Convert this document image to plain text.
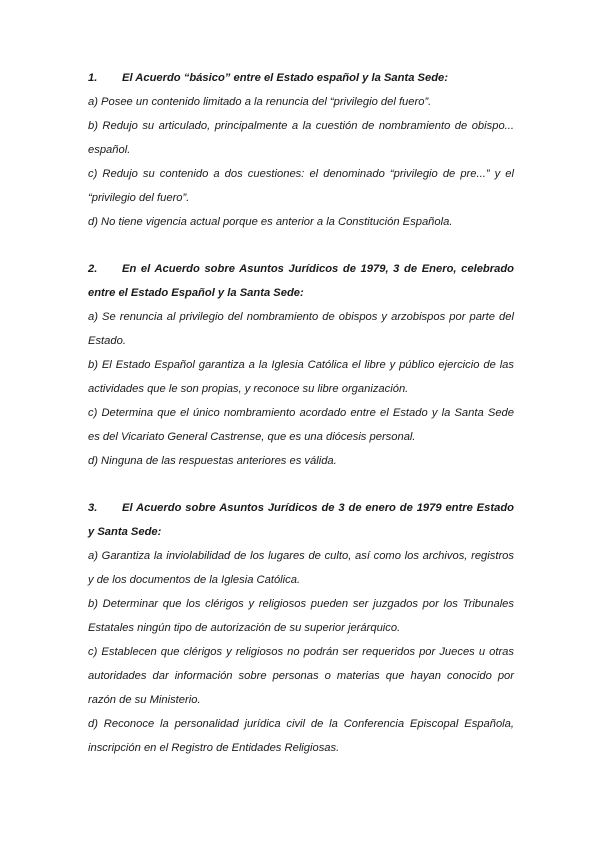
1. El Acuerdo “básico” entre el Estado español y la Santa Sede:
a) Posee un contenido limitado a la renuncia del “privilegio del fuero”.
b) Redujo su articulado, principalmente a la cuestión de nombramiento de obispo... español.
c) Redujo su contenido a dos cuestiones: el denominado “privilegio de pre...” y el “privilegio del fuero”.
d) No tiene vigencia actual porque es anterior a la Constitución Española.
2. En el Acuerdo sobre Asuntos Jurídicos de 1979, 3 de Enero, celebrado entre el Estado Español y la Santa Sede:
a) Se renuncia al privilegio del nombramiento de obispos y arzobispos por parte del Estado.
b) El Estado Español garantiza a la Iglesia Católica el libre y público ejercicio de las actividades que le son propias, y reconoce su libre organización.
c) Determina que el único nombramiento acordado entre el Estado y la Santa Sede es del Vicariato General Castrense, que es una diócesis personal.
d) Ninguna de las respuestas anteriores es válida.
3. El Acuerdo sobre Asuntos Jurídicos de 3 de enero de 1979 entre Estado y Santa Sede:
a) Garantiza la inviolabilidad de los lugares de culto, así como los archivos, registros y de los documentos de la Iglesia Católica.
b) Determinar que los clérigos y religiosos pueden ser juzgados por los Tribunales Estatales ningún tipo de autorización de su superior jerárquico.
c) Establecen que clérigos y religiosos no podrán ser requeridos por Jueces u otras autoridades dar información sobre personas o materias que hayan conocido por razón de su Ministerio.
d) Reconoce la personalidad jurídica civil de la Conferencia Episcopal Española, inscripción en el Registro de Entidades Religiosas.
